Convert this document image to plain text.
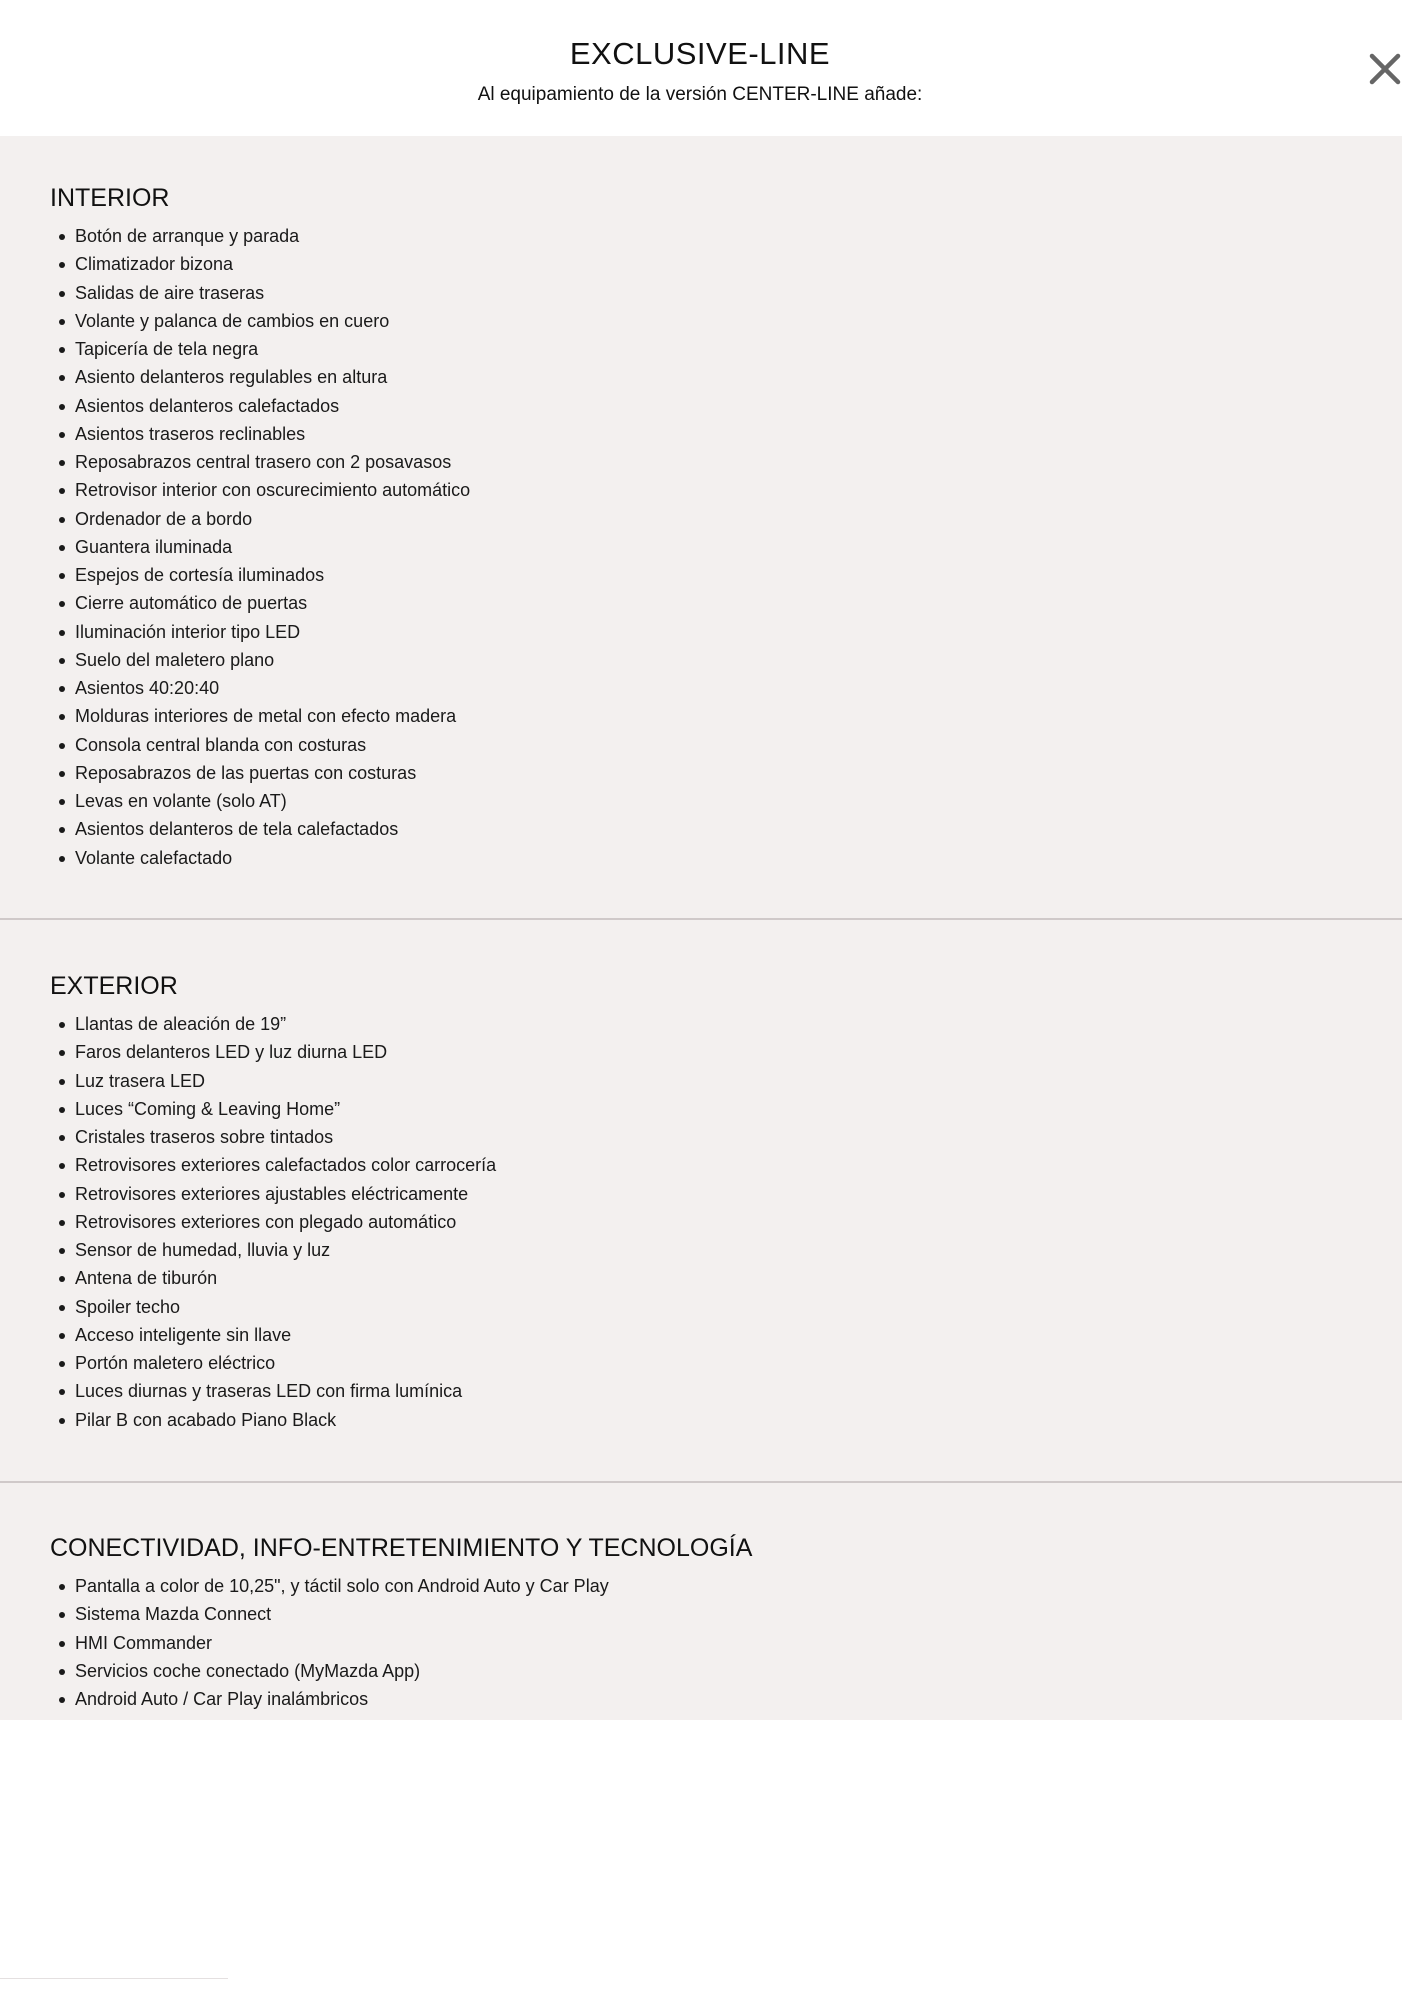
EXCLUSIVE-LINE
Al equipamiento de la versión CENTER-LINE añade:
INTERIOR
Botón de arranque y parada
Climatizador bizona
Salidas de aire traseras
Volante y palanca de cambios en cuero
Tapicería de tela negra
Asiento delanteros regulables en altura
Asientos delanteros calefactados
Asientos traseros reclinables
Reposabrazos central trasero con 2 posavasos
Retrovisor interior con oscurecimiento automático
Ordenador de a bordo
Guantera iluminada
Espejos de cortesía iluminados
Cierre automático de puertas
Iluminación interior tipo LED
Suelo del maletero plano
Asientos 40:20:40
Molduras interiores de metal con efecto madera
Consola central blanda con costuras
Reposabrazos de las puertas con costuras
Levas en volante (solo AT)
Asientos delanteros de tela calefactados
Volante calefactado
EXTERIOR
Llantas de aleación de 19”
Faros delanteros LED y luz diurna LED
Luz trasera LED
Luces “Coming & Leaving Home”
Cristales traseros sobre tintados
Retrovisores exteriores calefactados color carrocería
Retrovisores exteriores ajustables eléctricamente
Retrovisores exteriores con plegado automático
Sensor de humedad, lluvia y luz
Antena de tiburón
Spoiler techo
Acceso inteligente sin llave
Portón maletero eléctrico
Luces diurnas y traseras LED con firma lumínica
Pilar B con acabado Piano Black
CONECTIVIDAD, INFO-ENTRETENIMIENTO Y TECNOLOGÍA
Pantalla a color de 10,25", y táctil solo con Android Auto y Car Play
Sistema Mazda Connect
HMI Commander
Servicios coche conectado (MyMazda App)
Android Auto / Car Play inalámbricos
